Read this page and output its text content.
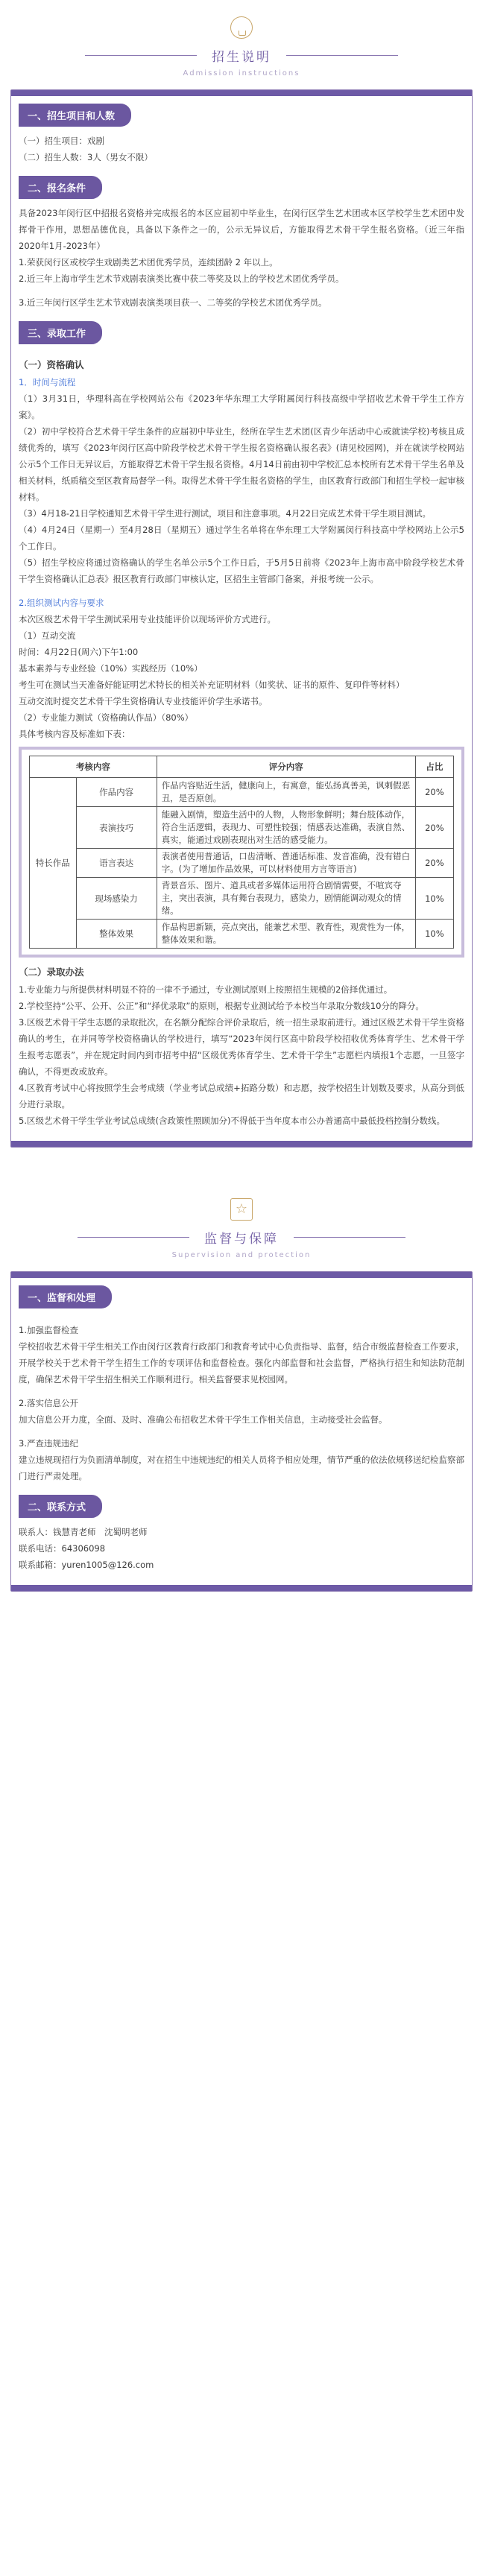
招生说明
Admission instructions
一、招生项目和人数

（一）招生项目：戏剧

（二）招生人数：3人（男女不限）

二、报名条件

具备2023年闵行区中招报名资格并完成报名的本区应届初中毕业生，在闵行区学生艺术团或本区学校学生艺术团中发挥骨干作用，思想品德优良，具备以下条件之一的，公示无异议后，方能取得艺术骨干学生报名资格。（近三年指2020年1月-2023年）

1.荣获闵行区或校学生戏剧类艺术团优秀学员，连续团龄 2 年以上。

2.近三年上海市学生艺术节戏剧表演类比赛中获二等奖及以上的学校艺术团优秀学员。

3.近三年闵行区学生艺术节戏剧表演类项目获一、二等奖的学校艺术团优秀学员。

三、录取工作
（一）资格确认

1．时间与流程

（1）3月31日，华理科高在学校网站公布《2023年华东理工大学附属闵行科技高级中学招收艺术骨干学生工作方案》。

（2）初中学校符合艺术骨干学生条件的应届初中毕业生，经所在学生艺术团(区青少年活动中心或就读学校)考核且成绩优秀的，填写《2023年闵行区高中阶段学校艺术骨干学生报名资格确认报名表》(请见校园网)，并在就读学校网站公示5个工作日无异议后，方能取得艺术骨干学生报名资格。4月14日前由初中学校汇总本校所有艺术骨干学生名单及相关材料，纸质稿交至区教育局督学一科。取得艺术骨干学生报名资格的学生，由区教育行政部门和招生学校一起审核材料。

（3）4月18-21日学校通知艺术骨干学生进行测试，项目和注意事项。4月22日完成艺术骨干学生项目测试。

（4）4月24日（星期一）至4月28日（星期五）通过学生名单将在华东理工大学附属闵行科技高中学校网站上公示5个工作日。

（5）招生学校应将通过资格确认的学生名单公示5个工作日后，于5月5日前将《2023年上海市高中阶段学校艺术骨干学生资格确认汇总表》报区教育行政部门审核认定，区招生主管部门备案，并报考统一公示。

2.组织测试内容与要求

本次区级艺术骨干学生测试采用专业技能评价以现场评价方式进行。

（1）互动交流

时间：4月22日(周六)下午1:00

基本素养与专业经验（10%）实践经历（10%）

考生可在测试当天准备好能证明艺术特长的相关补充证明材料（如奖状、证书的原件、复印件等材料）

互动交流时提交艺术骨干学生资格确认专业技能评价学生承诺书。

（2）专业能力测试（资格确认作品）（80%）

具体考核内容及标准如下表：

考核内容		评分内容	占比
特长作品	作品内容	作品内容贴近生活，健康向上，有寓意，能弘扬真善美，讽刺假恶丑，是否原创。	20%
	表演技巧	能融入剧情，塑造生活中的人物，人物形象鲜明；舞台肢体动作，符合生活逻辑，表现力、可塑性较强；情感表达准确，表演自然、真实，能通过戏剧表现出对生活的感受能力。	20%
	语言表达	表演者使用普通话，口齿清晰、普通话标准、发音准确，没有错白字。(为了增加作品效果，可以材料使用方言等语言)	20%
	现场感染力	背景音乐、图片、道具或者多媒体运用符合剧情需要，不喧宾夺主，突出表演，具有舞台表现力，感染力，剧情能调动观众的情绪。	10%
	整体效果	作品构思新颖，亮点突出，能兼艺术型、教育性，观赏性为一体，整体效果和谐。	10%
（二）录取办法

1.专业能力与所提供材料明显不符的一律不予通过，专业测试原则上按照招生规模的2倍择优通过。

2.学校坚持“公平、公开、公正”和“择优录取”的原则，根据专业测试给予本校当年录取分数线10分的降分。

3.区级艺术骨干学生志愿的录取批次，在名额分配综合评价录取后，统一招生录取前进行。通过区级艺术骨干学生资格确认的考生，在并同等学校资格确认的学校进行，填写“2023年闵行区高中阶段学校招收优秀体育学生、艺术骨干学生报考志愿表”，并在规定时间内到市招考中招“区级优秀体育学生、艺术骨干学生”志愿栏内填报1个志愿，一旦签字确认，不得更改或放弃。

4.区教育考试中心将按照学生会考成绩（学业考试总成绩+拓路分数）和志愿，按学校招生计划数及要求，从高分到低分进行录取。

5.区级艺术骨干学生学业考试总成绩(含政策性照顾加分)不得低于当年度本市公办普通高中最低投档控制分数线。

☆
监督与保障
Supervision and protection
一、监督和处理

1.加强监督检查

学校招收艺术骨干学生相关工作由闵行区教育行政部门和教育考试中心负责指导、监督，结合市级监督检查工作要求，开展学校关于艺术骨干学生招生工作的专项评估和监督检查。强化内部监督和社会监督，严格执行招生和知法防范制度，确保艺术骨干学生招生相关工作顺利进行。相关监督要求见校园网。

2.落实信息公开

加大信息公开力度，全面、及时、准确公布招收艺术骨干学生工作相关信息，主动接受社会监督。

3.严查违规违纪

建立违规现招行为负面清单制度，对在招生中违规违纪的相关人员将予相应处理，情节严重的依法依规移送纪检监察部门进行严肃处理。

二、联系方式

联系人：钱慧青老师　沈蜀明老师

联系电话：64306098

联系邮箱：yuren1005@126.com
